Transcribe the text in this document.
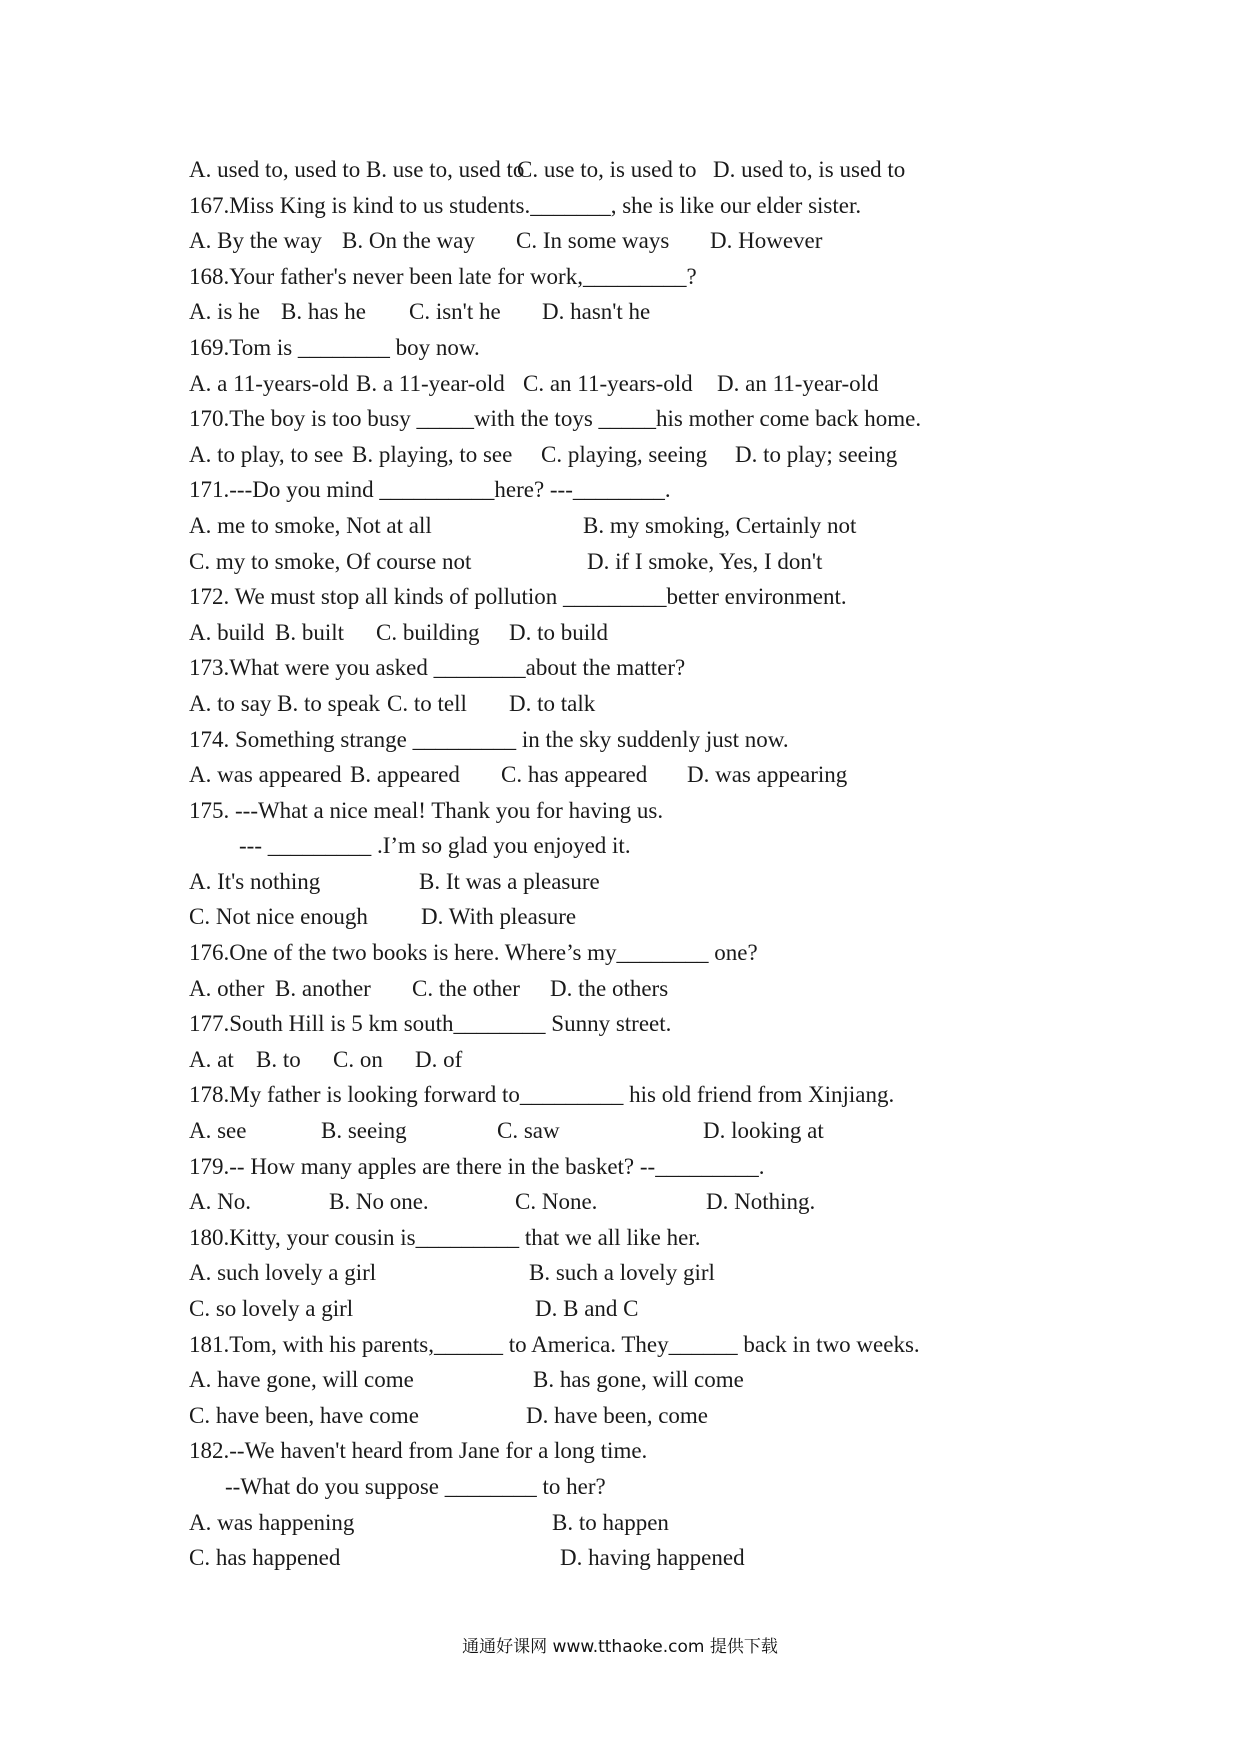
A. used to, used to B. use to, used to
C. use to, is used to D. used to, is used to
167.Miss King is kind to us students._______, she is like our elder sister.
A. By the way B. On the way C. In some ways D. However
168.Your father's never been late for work,_________?
A. is he B. has he C. isn't he D. hasn't he
169.Tom is ________ boy now.
A. a 11-years-old B. a 11-year-old C. an 11-years-old D. an 11-year-old
170.The boy is too busy _____with the toys _____his mother come back home.
A. to play, to see B. playing, to see C. playing, seeing D. to play; seeing
171.---Do you mind __________here? ---________.
A. me to smoke, Not at all	B. my smoking, Certainly not
C. my to smoke, Of course not	D. if I smoke, Yes, I don't
172. We must stop all kinds of pollution _________better environment.
A. build B. built C. building D. to build
173.What were you asked ________about the matter?
A. to say B. to speak C. to tell D. to talk
174. Something strange _________ in the sky suddenly just now.
A. was appeared B. appeared C. has appeared D. was appearing
175. ---What a nice meal! Thank you for having us.
--- _________ .I’m so glad you enjoyed it.
A. It's nothing	B. It was a pleasure
C. Not nice enough D. With pleasure
176.One of the two books is here. Where’s my________ one?
A. other B. another C. the other D. the others
177.South Hill is 5 km south________ Sunny street.
A. at B. to C. on D. of
178.My father is looking forward to_________ his old friend from Xinjiang.
A. see	B. seeing	C. saw	D. looking at
179.-- How many apples are there in the basket? --_________.
A. No.	B. No one.	C. None.	D. Nothing.
180.Kitty, your cousin is_________ that we all like her.
A. such lovely a girl	B. such a lovely girl
C. so lovely a girl	D. B and C
181.Tom, with his parents,______ to America. They______ back in two weeks.
A. have gone, will come	B. has gone, will come
C. have been, have come	D. have been, come
182.--We haven't heard from Jane for a long time.
--What do you suppose ________ to her?
A. was happening	B. to happen
C. has happened	D. having happened
通通好课网 www.tthaoke.com 提供下载
